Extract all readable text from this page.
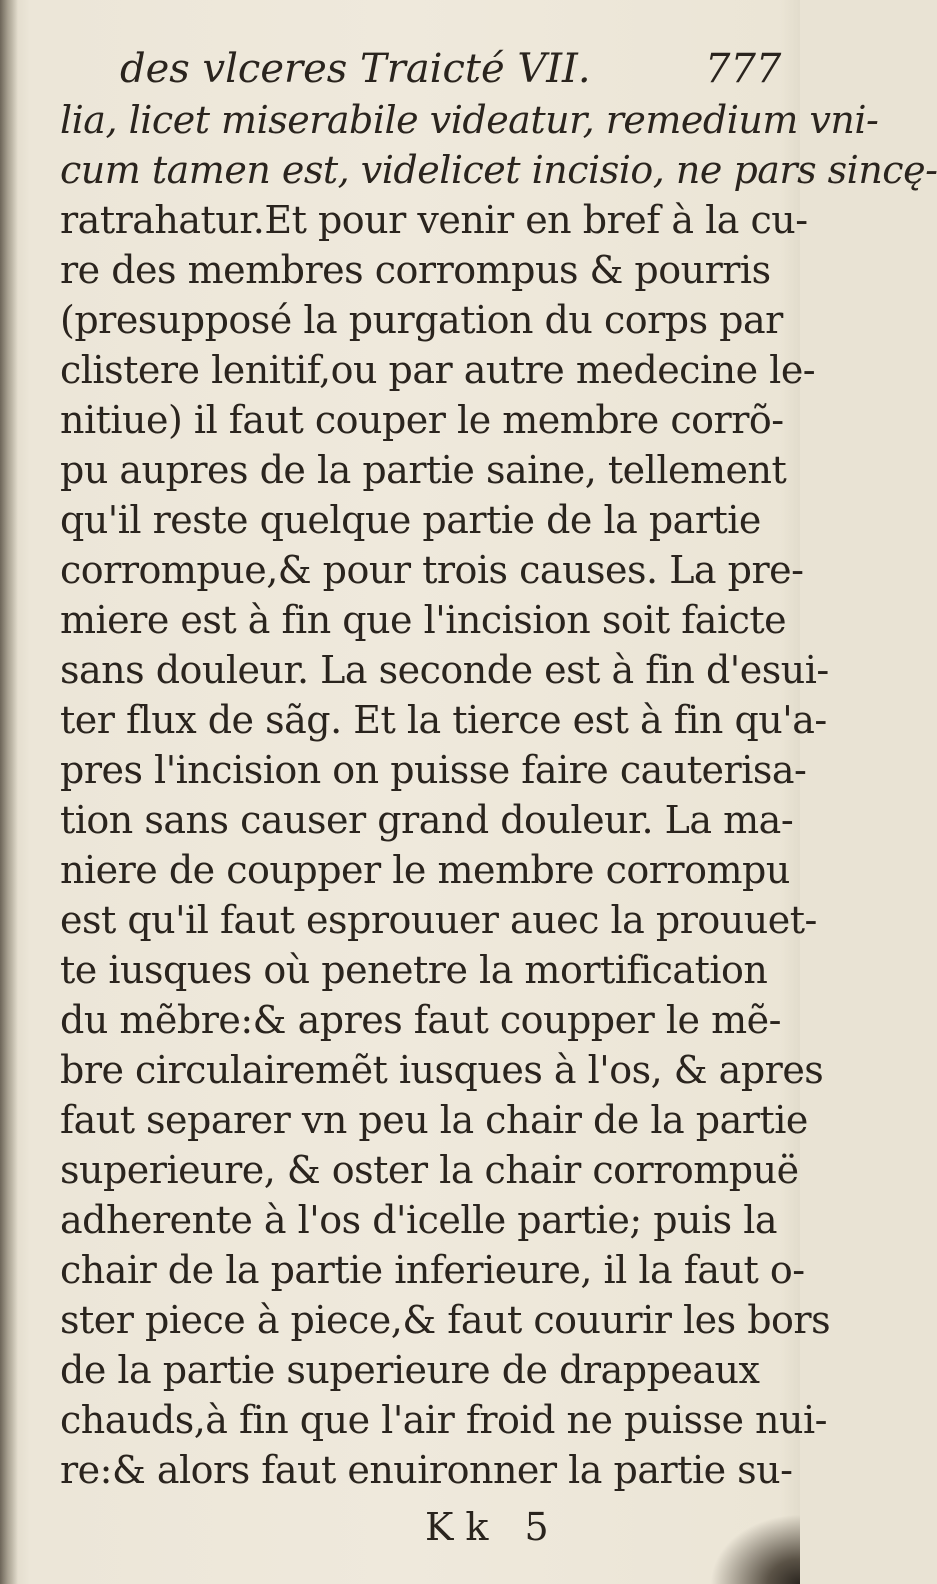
des vlceres Traicté VII.	777
lia, licet miserabile videatur, remedium vni-
cum tamen est, videlicet incisio, ne pars sincę-
ratrahatur.Et pour venir en bref à la cu-
re des membres corrompus & pourris
(presupposé la purgation du corps par
clistere lenitif,ou par autre medecine le-
nitiue) il faut couper le membre corrõ-
pu aupres de la partie saine, tellement
qu'il reste quelque partie de la partie
corrompue,& pour trois causes. La pre-
miere est à fin que l'incision soit faicte
sans douleur. La seconde est à fin d'esui-
ter flux de sãg. Et la tierce est à fin qu'a-
pres l'incision on puisse faire cauterisa-
tion sans causer grand douleur. La ma-
niere de coupper le membre corrompu
est qu'il faut esprouuer auec la prouuet-
te iusques où penetre la mortification
du mẽbre:& apres faut coupper le mẽ-
bre circulairemẽt iusques à l'os, & apres
faut separer vn peu la chair de la partie
superieure, & oster la chair corrompuë
adherente à l'os d'icelle partie; puis la
chair de la partie inferieure, il la faut o-
ster piece à piece,& faut couurir les bors
de la partie superieure de drappeaux
chauds,à fin que l'air froid ne puisse nui-
re:& alors faut enuironner la partie su-
Kk 5
